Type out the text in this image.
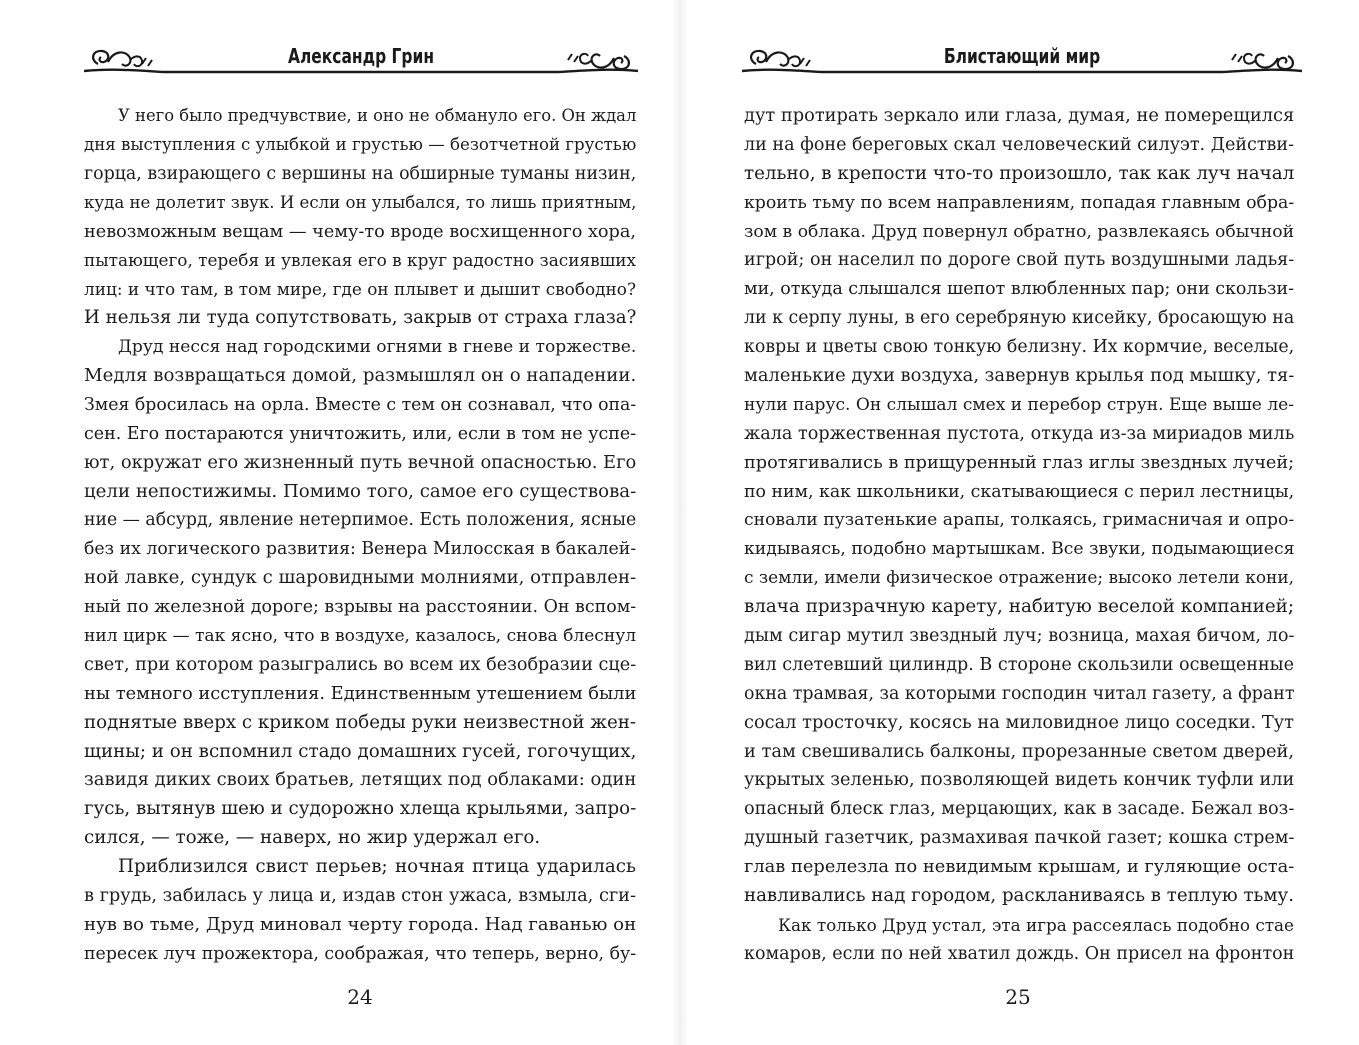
Александр Грин
У него было предчувствие, и оно не обмануло его. Он ждал
дня выступления с улыбкой и грустью — безотчетной грустью
горца, взирающего с вершины на обширные туманы низин,
куда не долетит звук. И если он улыбался, то лишь приятным,
невозможным вещам — чему-то вроде восхищенного хора,
пытающего, теребя и увлекая его в круг радостно засиявших
лиц: и что там, в том мире, где он плывет и дышит свободно?
И нельзя ли туда сопутствовать, закрыв от страха глаза?
Друд несся над городскими огнями в гневе и торжестве.
Медля возвращаться домой, размышлял он о нападении.
Змея бросилась на орла. Вместе с тем он сознавал, что опа-
сен. Его постараются уничтожить, или, если в том не успе-
ют, окружат его жизненный путь вечной опасностью. Его
цели непостижимы. Помимо того, самое его существова-
ние — абсурд, явление нетерпимое. Есть положения, ясные
без их логического развития: Венера Милосская в бакалей-
ной лавке, сундук с шаровидными молниями, отправлен-
ный по железной дороге; взрывы на расстоянии. Он вспом-
нил цирк — так ясно, что в воздухе, казалось, снова блеснул
свет, при котором разыгрались во всем их безобразии сце-
ны темного исступления. Единственным утешением были
поднятые вверх с криком победы руки неизвестной жен-
щины; и он вспомнил стадо домашних гусей, гогочущих,
завидя диких своих братьев, летящих под облаками: один
гусь, вытянув шею и судорожно хлеща крыльями, запро-
сился, — тоже, — наверх, но жир удержал его.
Приблизился свист перьев; ночная птица ударилась
в грудь, забилась у лица и, издав стон ужаса, взмыла, сги-
нув во тьме, Друд миновал черту города. Над гаванью он
пересек луч прожектора, соображая, что теперь, верно, бу-
24
Блистающий мир
дут протирать зеркало или глаза, думая, не померещился
ли на фоне береговых скал человеческий силуэт. Действи-
тельно, в крепости что-то произошло, так как луч начал
кроить тьму по всем направлениям, попадая главным обра-
зом в облака. Друд повернул обратно, развлекаясь обычной
игрой; он населил по дороге свой путь воздушными ладья-
ми, откуда слышался шепот влюбленных пар; они скользи-
ли к серпу луны, в его серебряную кисейку, бросающую на
ковры и цветы свою тонкую белизну. Их кормчие, веселые,
маленькие духи воздуха, завернув крылья под мышку, тя-
нули парус. Он слышал смех и перебор струн. Еще выше ле-
жала торжественная пустота, откуда из-за мириадов миль
протягивались в прищуренный глаз иглы звездных лучей;
по ним, как школьники, скатывающиеся с перил лестницы,
сновали пузатенькие арапы, толкаясь, гримасничая и опро-
кидываясь, подобно мартышкам. Все звуки, подымающиеся
с земли, имели физическое отражение; высоко летели кони,
влача призрачную карету, набитую веселой компанией;
дым сигар мутил звездный луч; возница, махая бичом, ло-
вил слетевший цилиндр. В стороне скользили освещенные
окна трамвая, за которыми господин читал газету, а франт
сосал тросточку, косясь на миловидное лицо соседки. Тут
и там свешивались балконы, прорезанные светом дверей,
укрытых зеленью, позволяющей видеть кончик туфли или
опасный блеск глаз, мерцающих, как в засаде. Бежал воз-
душный газетчик, размахивая пачкой газет; кошка стрем-
глав перелезла по невидимым крышам, и гуляющие оста-
навливались над городом, раскланиваясь в теплую тьму.
Как только Друд устал, эта игра рассеялась подобно стае
комаров, если по ней хватил дождь. Он присел на фронтон
25
